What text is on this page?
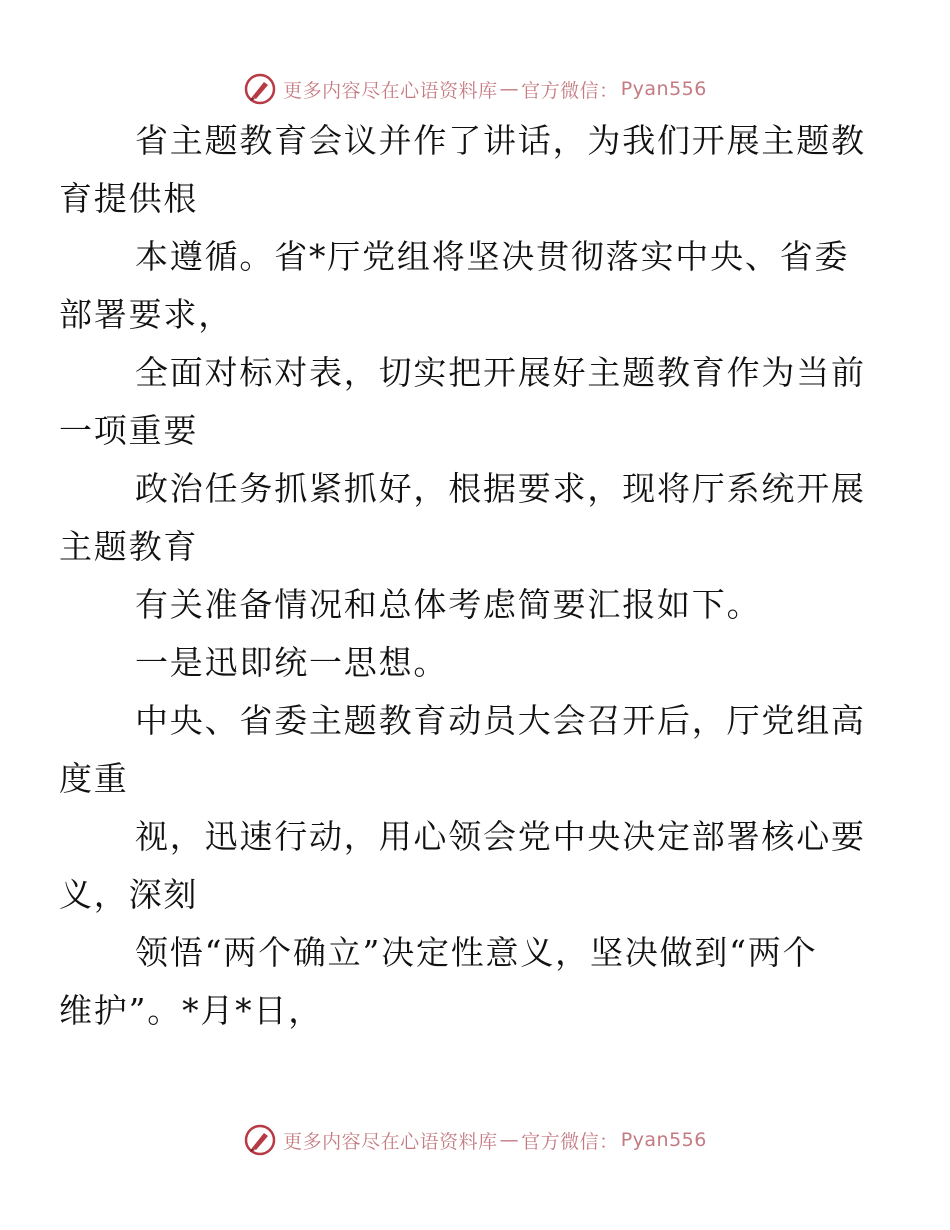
更多内容尽在心语资料库 — 官方微信： Pyan556

省主题教育会议并作了讲话，为我们开展主题教
育提供根

本遵循。省*厅党组将坚决贯彻落实中央、省委
部署要求，

全面对标对表，切实把开展好主题教育作为当前
一项重要

政治任务抓紧抓好，根据要求，现将厅系统开展
主题教育

有关准备情况和总体考虑简要汇报如下。

一是迅即统一思想。

中央、省委主题教育动员大会召开后，厅党组高
度重

视，迅速行动，用心领会党中央决定部署核心要
义，深刻

领悟“两个确立”决定性意义，坚决做到“两个
维护”。*月*日，

更多内容尽在心语资料库 — 官方微信： Pyan556
